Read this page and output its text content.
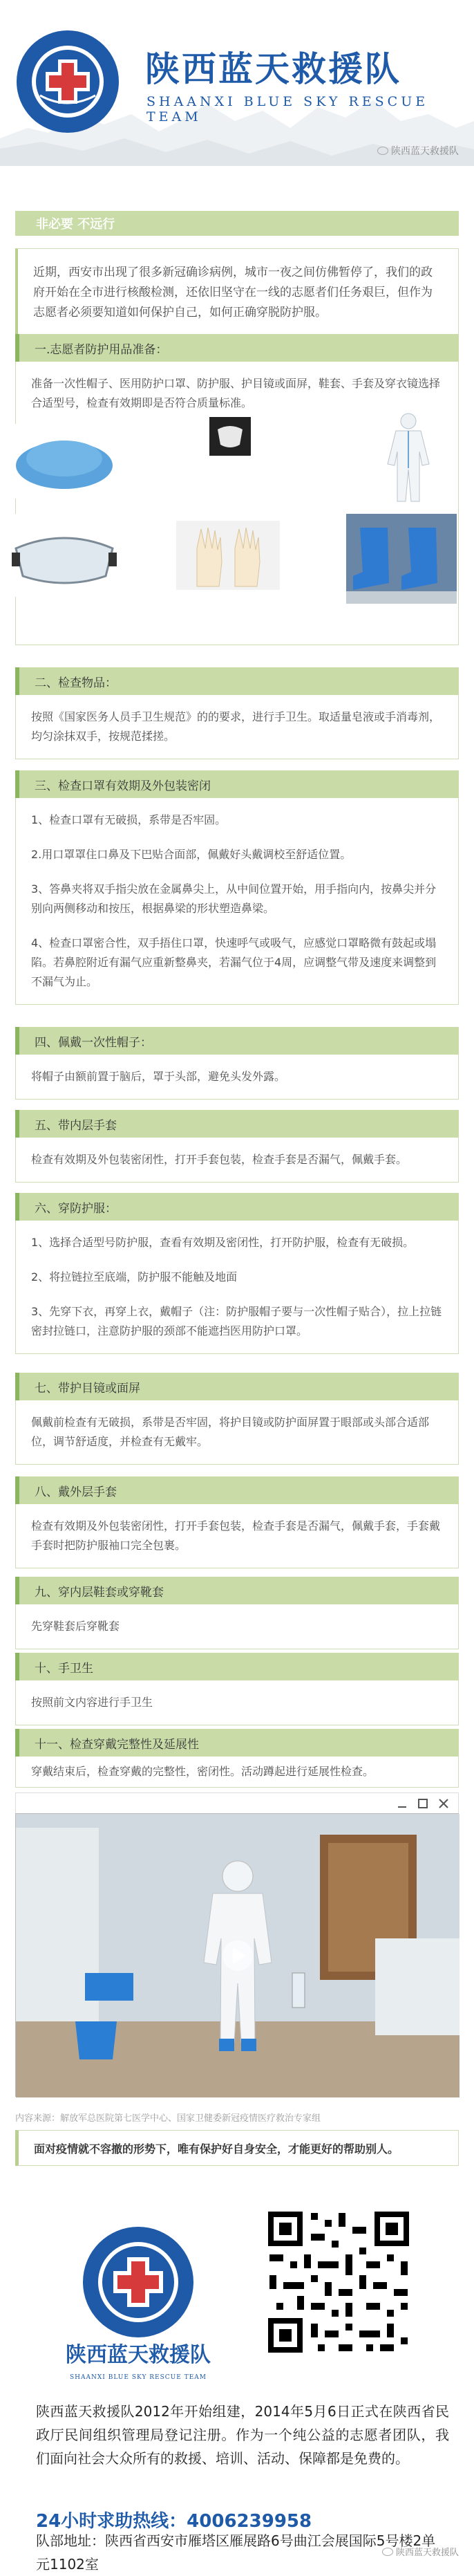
陕西蓝天救援队
SHAANXI BLUE SKY RESCUE TEAM
陕西蓝天救援队
非必要 不远行
近期，西安市出现了很多新冠确诊病例，城市一夜之间仿佛暂停了，我们的政府开始在全市进行核酸检测，还依旧坚守在一线的志愿者们任务艰巨，但作为志愿者必须要知道如何保护自己，如何正确穿脱防护服。
一.志愿者防护用品准备：

准备一次性帽子、医用防护口罩、防护服、护目镜或面屏，鞋套、手套及穿衣镜选择合适型号，检查有效期即是否符合质量标准。

二、检查物品：

按照《国家医务人员手卫生规范》的的要求，进行手卫生。取适量皂液或手消毒剂，均匀涂抹双手，按规范揉搓。

三、检查口罩有效期及外包装密闭

1、检查口罩有无破损，系带是否牢固。

2.用口罩罩住口鼻及下巴贴合面部，佩戴好头戴调校至舒适位置。

3、答鼻夹将双手指尖放在金属鼻尖上，从中间位置开始，用手指向内，按鼻尖并分别向两侧移动和按压，根据鼻梁的形状塑造鼻梁。

4、检查口罩密合性，双手捂住口罩，快速呼气或吸气，应感觉口罩略微有鼓起或塌陷。若鼻腔附近有漏气应重新整鼻夹，若漏气位于4周，应调整气带及速度来调整到不漏气为止。

四、佩戴一次性帽子：

将帽子由额前置于脑后，罩于头部，避免头发外露。

五、带内层手套

检查有效期及外包装密闭性，打开手套包装，检查手套是否漏气，佩戴手套。

六、穿防护服：

1、选择合适型号防护服，查看有效期及密闭性，打开防护服，检查有无破损。

2、将拉链拉至底端，防护服不能触及地面

3、先穿下衣，再穿上衣，戴帽子（注：防护服帽子要与一次性帽子贴合），拉上拉链密封拉链口，注意防护服的颈部不能遮挡医用防护口罩。

七、带护目镜或面屏

佩戴前检查有无破损，系带是否牢固，将护目镜或防护面屏置于眼部或头部合适部位，调节舒适度，并检查有无戴牢。

八、戴外层手套

检查有效期及外包装密闭性，打开手套包装，检查手套是否漏气，佩戴手套，手套戴手套时把防护服袖口完全包裹。

九、穿内层鞋套或穿靴套

先穿鞋套后穿靴套

十、手卫生

按照前文内容进行手卫生

十一、检查穿戴完整性及延展性

穿戴结束后，检查穿戴的完整性，密闭性。活动蹲起进行延展性检查。

内容来源：解放军总医院第七医学中心、国家卫健委新冠疫情医疗救治专家组
面对疫情就不容撤的形势下，唯有保护好自身安全，才能更好的帮助别人。
陕西蓝天救援队
SHAANXI BLUE SKY RESCUE TEAM
陕西蓝天救援队2012年开始组建，2014年5月6日正式在陕西省民政厅民间组织管理局登记注册。作为一个纯公益的志愿者团队，我们面向社会大众所有的救援、培训、活动、保障都是免费的。
24小时求助热线：4006239958
队部地址：陕西省西安市雁塔区雁展路6号曲江会展国际5号楼2单元1102室
陕西蓝天救援队
